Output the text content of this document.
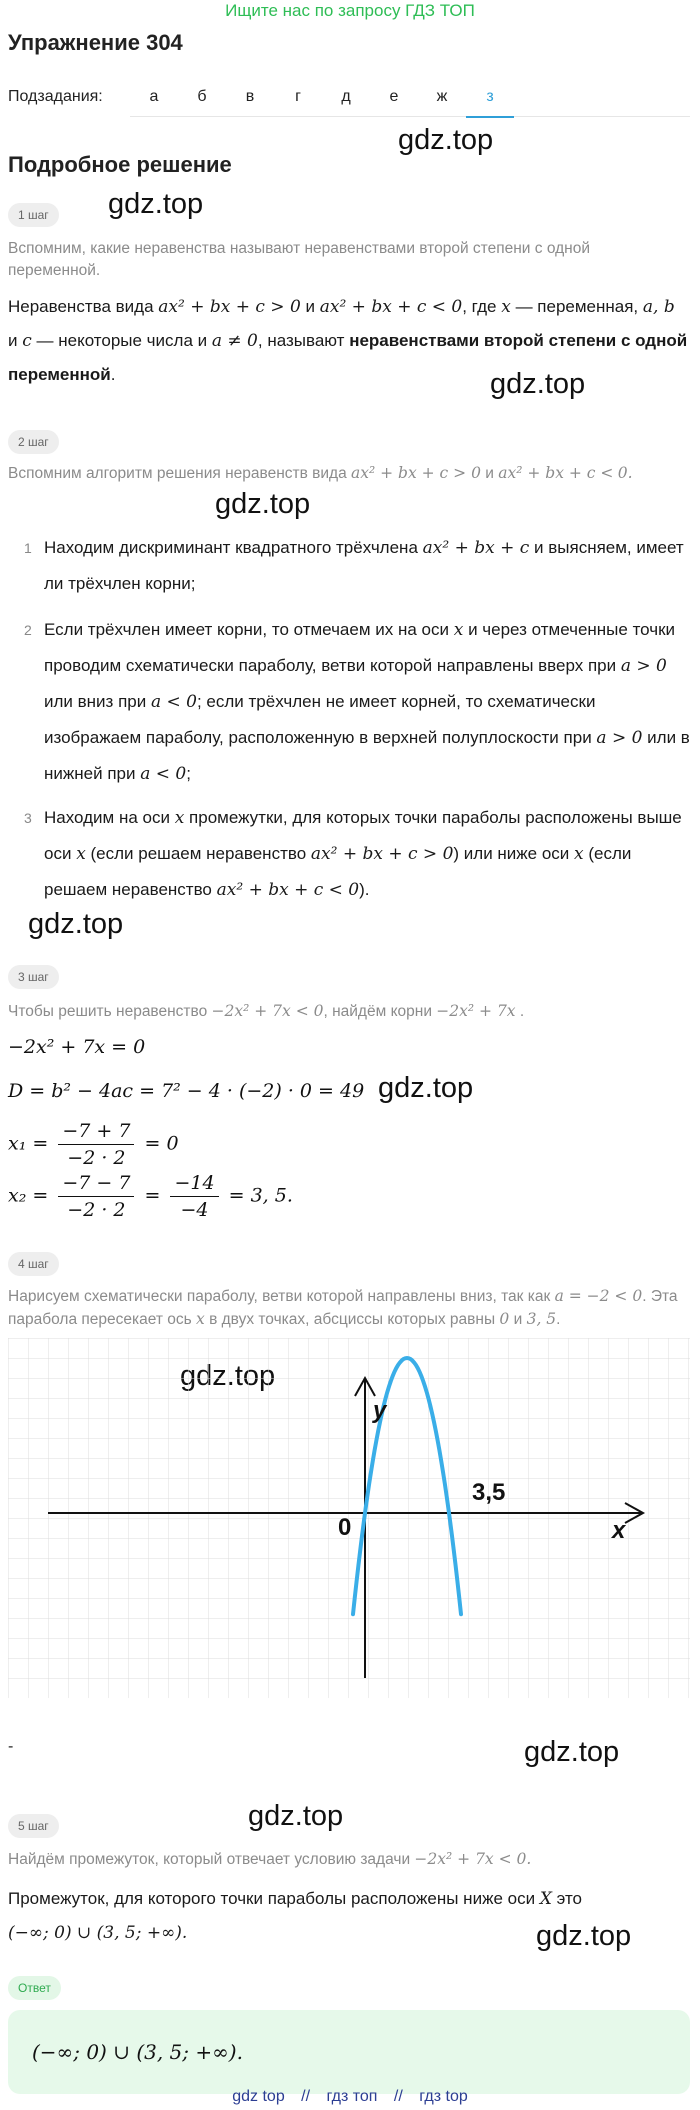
Ищите нас по запросу ГДЗ ТОП
Упражнение 304
Подзадания:	а	б	в	г	д	е	ж	з
gdz.top
gdz.top
gdz.top
gdz.top
gdz.top
gdz.top
gdz.top
gdz.top
gdz.top
Подробное решение
1 шаг
Вспомним, какие неравенства называют неравенствами второй степени с одной переменной.
Неравенства вида ax² + bx + c > 0 и ax² + bx + c < 0, где x — переменная, a, b и c — некоторые числа и a ≠ 0, называют неравенствами второй степени с одной переменной.
2 шаг
Вспомним алгоритм решения неравенств вида ax² + bx + c > 0 и ax² + bx + c < 0.
1 Находим дискриминант квадратного трёхчлена ax² + bx + c и выясняем, имеет ли трёхчлен корни;
2 Если трёхчлен имеет корни, то отмечаем их на оси x и через отмеченные точки проводим схематически параболу, ветви которой направлены вверх при a > 0 или вниз при a < 0; если трёхчлен не имеет корней, то схематически изображаем параболу, расположенную в верхней полуплоскости при a > 0 или в нижней при a < 0;
3 Находим на оси x промежутки, для которых точки параболы расположены выше оси x (если решаем неравенство ax² + bx + c > 0) или ниже оси x (если решаем неравенство ax² + bx + c < 0).
3 шаг
Чтобы решить неравенство −2x² + 7x < 0, найдём корни −2x² + 7x .
−2x² + 7x = 0
D = b² − 4ac = 7² − 4 · (−2) · 0 = 49
$x_1 = \frac{-7 + 7}{-2 \cdot 2} = 0$
$x_2 = \frac{-7 - 7}{-2 \cdot 2} = \frac{-14}{-4} = 3$, 5.
4 шаг
Нарисуем схематически параболу, ветви которой направлены вниз, так как a = −2 < 0. Эта парабола пересекает ось x в двух точках, абсциссы которых равны 0 и 3, 5.
y
x
0
3,5
-
5 шаг
Найдём промежуток, который отвечает условию задачи −2x² + 7x < 0.
Промежуток, для которого точки параболы расположены ниже оси X это
(−∞; 0) ∪ (3, 5; +∞).
Ответ
(−∞; 0) ∪ (3, 5; +∞).
gdz top // гдз топ // гдз top
